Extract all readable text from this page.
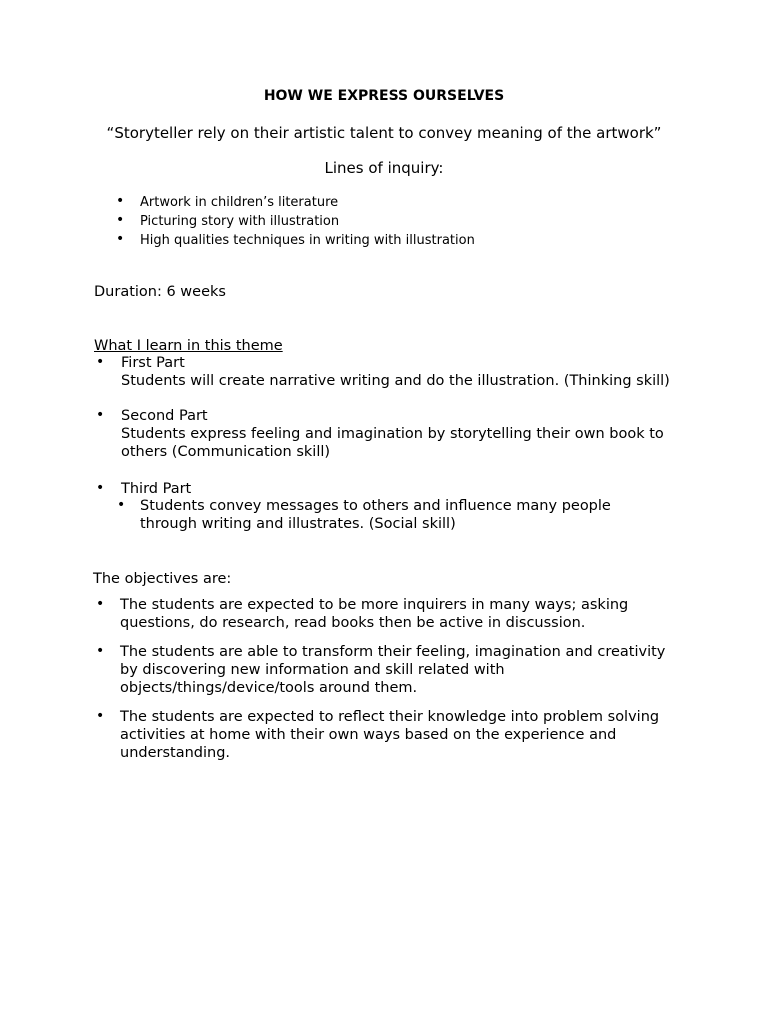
HOW WE EXPRESS OURSELVES
“Storyteller rely on their artistic talent to convey meaning of the artwork”
Lines of inquiry:
• Artwork in children’s literature
• Picturing story with illustration
• High qualities techniques in writing with illustration
Duration: 6 weeks
What I learn in this theme
• First Part
Students will create narrative writing and do the illustration. (Thinking skill)
• Second Part
Students express feeling and imagination by storytelling their own book to
others (Communication skill)
• Third Part
• Students convey messages to others and influence many people
through writing and illustrates. (Social skill)
The objectives are:
• The students are expected to be more inquirers in many ways; asking
questions, do research, read books then be active in discussion.
• The students are able to transform their feeling, imagination and creativity
by discovering new information and skill related with
objects/things/device/tools around them.
• The students are expected to reflect their knowledge into problem solving
activities at home with their own ways based on the experience and
understanding.
